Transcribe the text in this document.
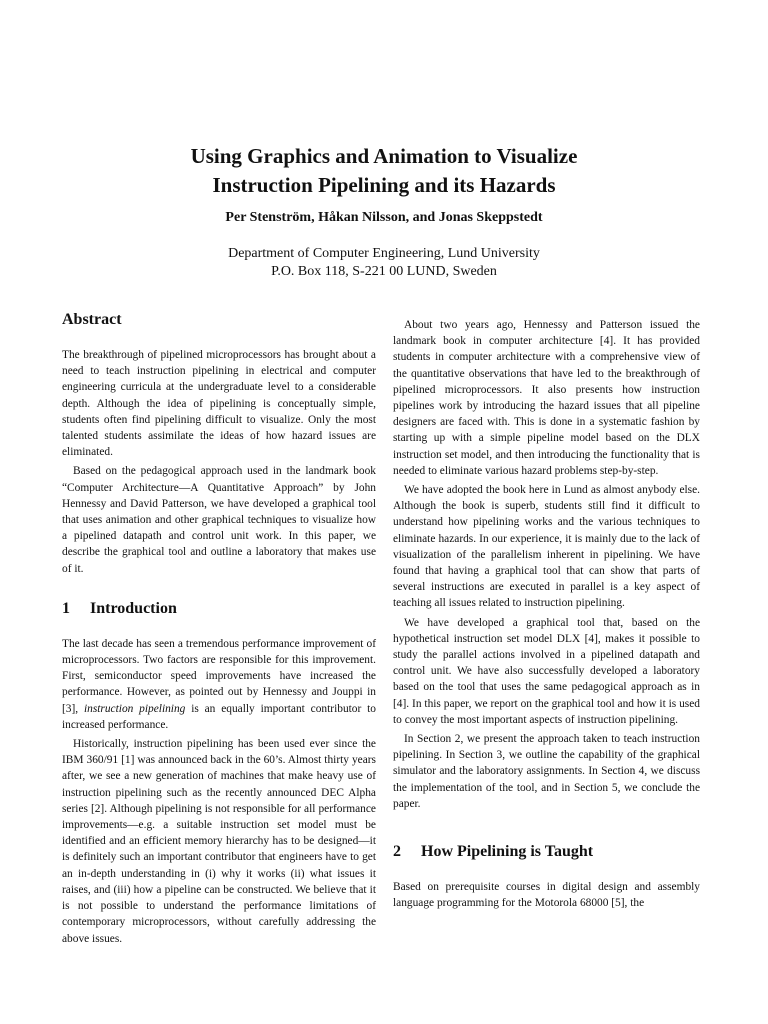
Using Graphics and Animation to Visualize
Instruction Pipelining and its Hazards
Per Stenström, Håkan Nilsson, and Jonas Skeppstedt
Department of Computer Engineering, Lund University
P.O. Box 118, S-221 00 LUND, Sweden
Abstract

The breakthrough of pipelined microprocessors has brought about a need to teach instruction pipelining in electrical and computer engineering curricula at the undergraduate level to a considerable depth. Although the idea of pipelining is conceptually simple, students often find pipelining difficult to visualize. Only the most talented students assimilate the ideas of how hazard issues are eliminated.

Based on the pedagogical approach used in the landmark book “Computer Architecture—A Quantitative Approach” by John Hennessy and David Patterson, we have developed a graphical tool that uses animation and other graphical techniques to visualize how a pipelined datapath and control unit work. In this paper, we describe the graphical tool and outline a laboratory that makes use of it.

1 Introduction

The last decade has seen a tremendous performance improvement of microprocessors. Two factors are responsible for this improvement. First, semiconductor speed improvements have increased the performance. However, as pointed out by Hennessy and Jouppi in [3], instruction pipelining is an equally important contributor to increased performance.

Historically, instruction pipelining has been used ever since the IBM 360/91 [1] was announced back in the 60’s. Almost thirty years after, we see a new generation of machines that make heavy use of instruction pipelining such as the recently announced DEC Alpha series [2]. Although pipelining is not responsible for all performance improvements—e.g. a suitable instruction set model must be identified and an efficient memory hierarchy has to be designed—it is definitely such an important contributor that engineers have to get an in-depth understanding in (i) why it works (ii) what issues it raises, and (iii) how a pipeline can be constructed. We believe that it is not possible to understand the performance limitations of contemporary microprocessors, without carefully addressing the above issues.

About two years ago, Hennessy and Patterson issued the landmark book in computer architecture [4]. It has provided students in computer architecture with a comprehensive view of the quantitative observations that have led to the breakthrough of pipelined microprocessors. It also presents how instruction pipelines work by introducing the hazard issues that all pipeline designers are faced with. This is done in a systematic fashion by starting up with a simple pipeline model based on the DLX instruction set model, and then introducing the functionality that is needed to eliminate various hazard problems step-by-step.

We have adopted the book here in Lund as almost anybody else. Although the book is superb, students still find it difficult to understand how pipelining works and the various techniques to eliminate hazards. In our experience, it is mainly due to the lack of visualization of the parallelism inherent in pipelining. We have found that having a graphical tool that can show that parts of several instructions are executed in parallel is a key aspect of teaching all issues related to instruction pipelining.

We have developed a graphical tool that, based on the hypothetical instruction set model DLX [4], makes it possible to study the parallel actions involved in a pipelined datapath and control unit. We have also successfully developed a laboratory based on the tool that uses the same pedagogical approach as in [4]. In this paper, we report on the graphical tool and how it is used to convey the most important aspects of instruction pipelining.

In Section 2, we present the approach taken to teach instruction pipelining. In Section 3, we outline the capability of the graphical simulator and the laboratory assignments. In Section 4, we discuss the implementation of the tool, and in Section 5, we conclude the paper.

2 How Pipelining is Taught

Based on prerequisite courses in digital design and assembly language programming for the Motorola 68000 [5], the
